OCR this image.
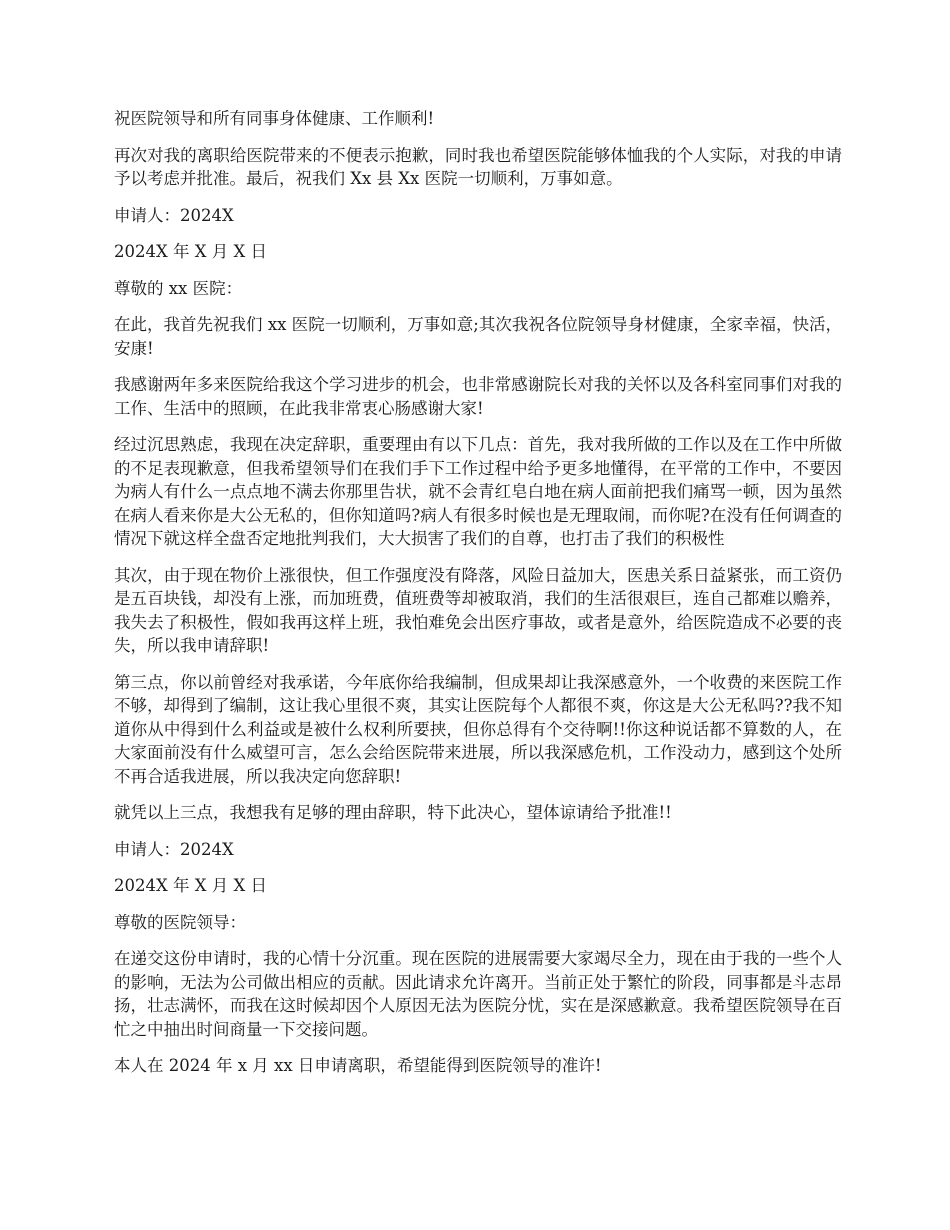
祝医院领导和所有同事身体健康、工作顺利!

再次对我的离职给医院带来的不便表示抱歉，同时我也希望医院能够体恤我的个人实际，对我的申请予以考虑并批准。最后，祝我们 Xx 县 Xx 医院一切顺利，万事如意。

申请人：2024X

2024X 年 X 月 X 日

尊敬的 xx 医院：

在此，我首先祝我们 xx 医院一切顺利，万事如意;其次我祝各位院领导身材健康，全家幸福，快活，安康!

我感谢两年多来医院给我这个学习进步的机会，也非常感谢院长对我的关怀以及各科室同事们对我的工作、生活中的照顾，在此我非常衷心肠感谢大家!

经过沉思熟虑，我现在决定辞职，重要理由有以下几点：首先，我对我所做的工作以及在工作中所做的不足表现歉意，但我希望领导们在我们手下工作过程中给予更多地懂得，在平常的工作中，不要因为病人有什么一点点地不满去你那里告状，就不会青红皂白地在病人面前把我们痛骂一顿，因为虽然在病人看来你是大公无私的，但你知道吗?病人有很多时候也是无理取闹，而你呢?在没有任何调查的情况下就这样全盘否定地批判我们，大大损害了我们的自尊，也打击了我们的积极性

其次，由于现在物价上涨很快，但工作强度没有降落，风险日益加大，医患关系日益紧张，而工资仍是五百块钱，却没有上涨，而加班费，值班费等却被取消，我们的生活很艰巨，连自己都难以赡养，我失去了积极性，假如我再这样上班，我怕难免会出医疗事故，或者是意外，给医院造成不必要的丧失，所以我申请辞职!

第三点，你以前曾经对我承诺，今年底你给我编制，但成果却让我深感意外，一个收费的来医院工作不够，却得到了编制，这让我心里很不爽，其实让医院每个人都很不爽，你这是大公无私吗??我不知道你从中得到什么利益或是被什么权利所要挟，但你总得有个交待啊!!你这种说话都不算数的人，在大家面前没有什么威望可言，怎么会给医院带来进展，所以我深感危机，工作没动力，感到这个处所不再合适我进展，所以我决定向您辞职!

就凭以上三点，我想我有足够的理由辞职，特下此决心，望体谅请给予批准!!

申请人：2024X

2024X 年 X 月 X 日

尊敬的医院领导：

在递交这份申请时，我的心情十分沉重。现在医院的进展需要大家竭尽全力，现在由于我的一些个人的影响，无法为公司做出相应的贡献。因此请求允许离开。当前正处于繁忙的阶段，同事都是斗志昂扬，壮志满怀，而我在这时候却因个人原因无法为医院分忧，实在是深感歉意。我希望医院领导在百忙之中抽出时间商量一下交接问题。

本人在 2024 年 x 月 xx 日申请离职，希望能得到医院领导的准许!
